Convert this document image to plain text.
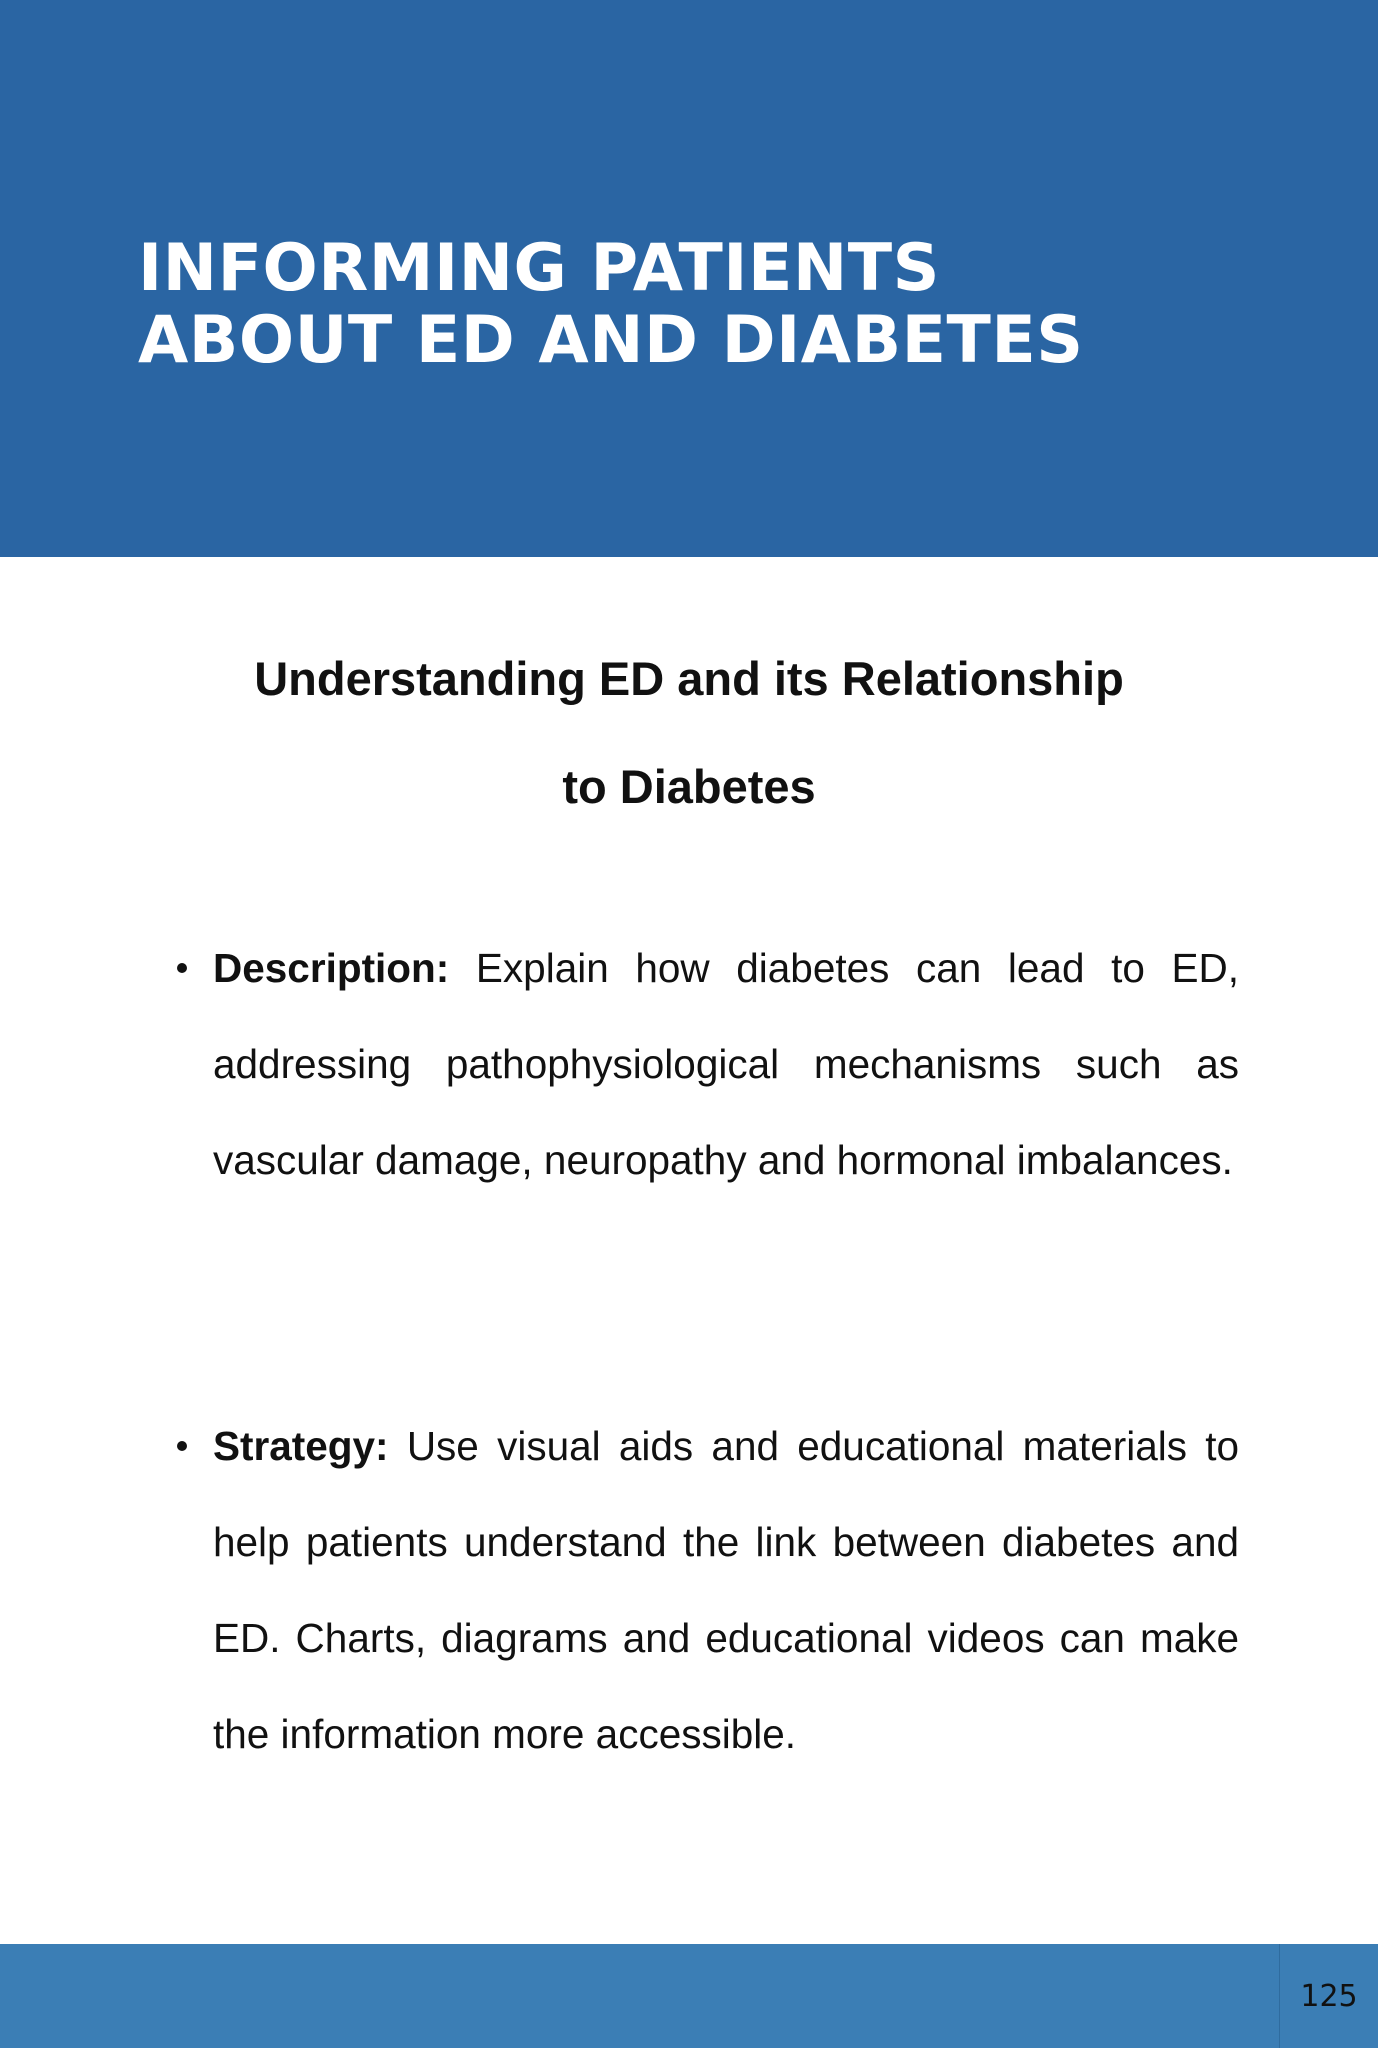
INFORMING PATIENTS
ABOUT ED AND DIABETES
Understanding ED and its Relationship
to Diabetes
Description: Explain how diabetes can lead to ED, addressing pathophysiological mechanisms such as vascular damage, neuropathy and hormonal imbalances.
Strategy: Use visual aids and educational materials to help patients understand the link between diabetes and ED. Charts, diagrams and educational videos can make the information more accessible.
125
